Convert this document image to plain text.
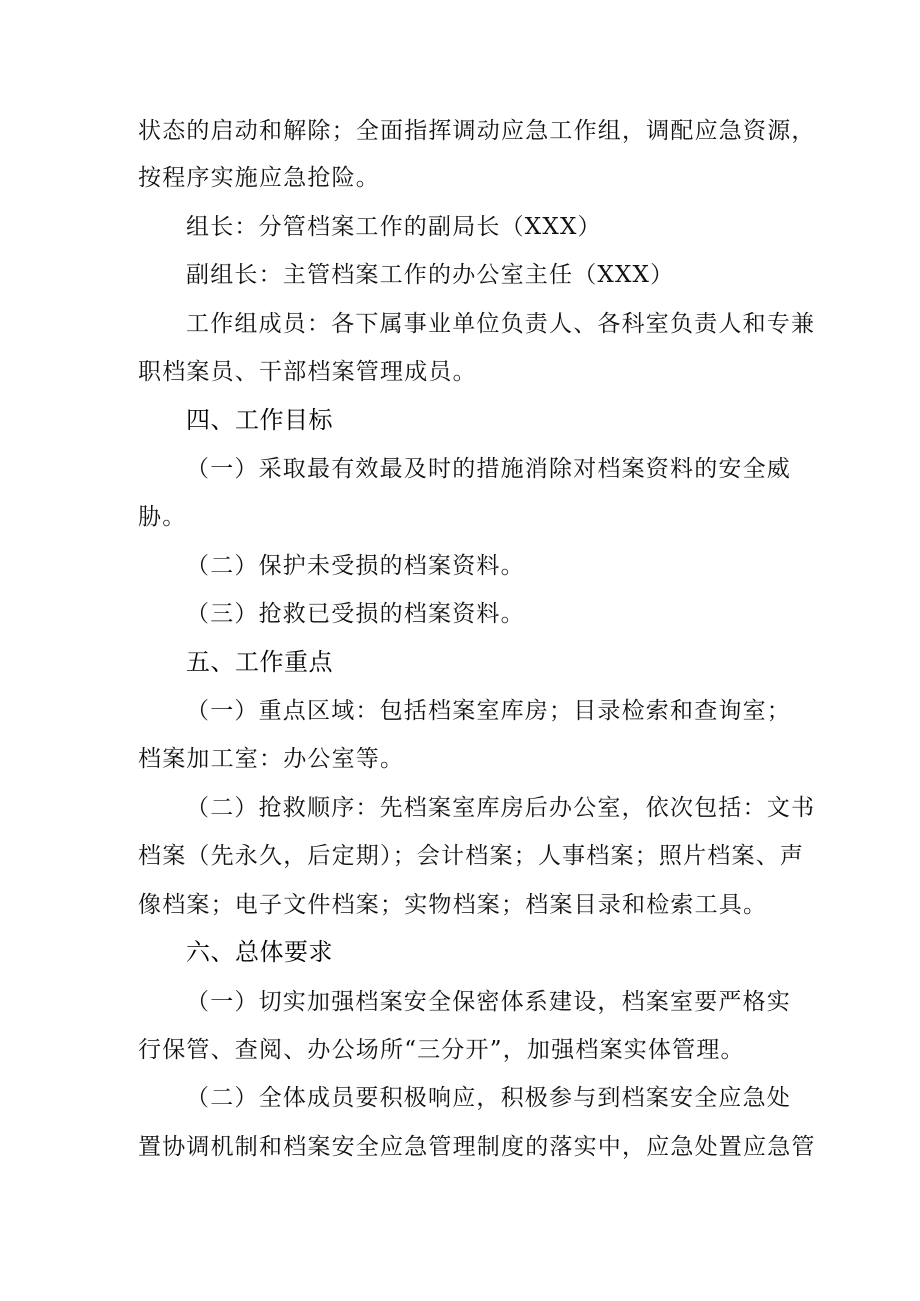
状态的启动和解除；全面指挥调动应急工作组，调配应急资源，
按程序实施应急抢险。
组长：分管档案工作的副局长（XXX）
副组长：主管档案工作的办公室主任（XXX）
工作组成员：各下属事业单位负责人、各科室负责人和专兼
职档案员、干部档案管理成员。
四、工作目标
（一）采取最有效最及时的措施消除对档案资料的安全威
胁。
（二）保护未受损的档案资料。
（三）抢救已受损的档案资料。
五、工作重点
（一）重点区域：包括档案室库房；目录检索和查询室；
档案加工室：办公室等。
（二）抢救顺序：先档案室库房后办公室，依次包括：文书
档案（先永久，后定期）；会计档案；人事档案；照片档案、声
像档案；电子文件档案；实物档案；档案目录和检索工具。
六、总体要求
（一）切实加强档案安全保密体系建设，档案室要严格实
行保管、查阅、办公场所“三分开”，加强档案实体管理。
（二）全体成员要积极响应，积极参与到档案安全应急处
置协调机制和档案安全应急管理制度的落实中，应急处置应急管
